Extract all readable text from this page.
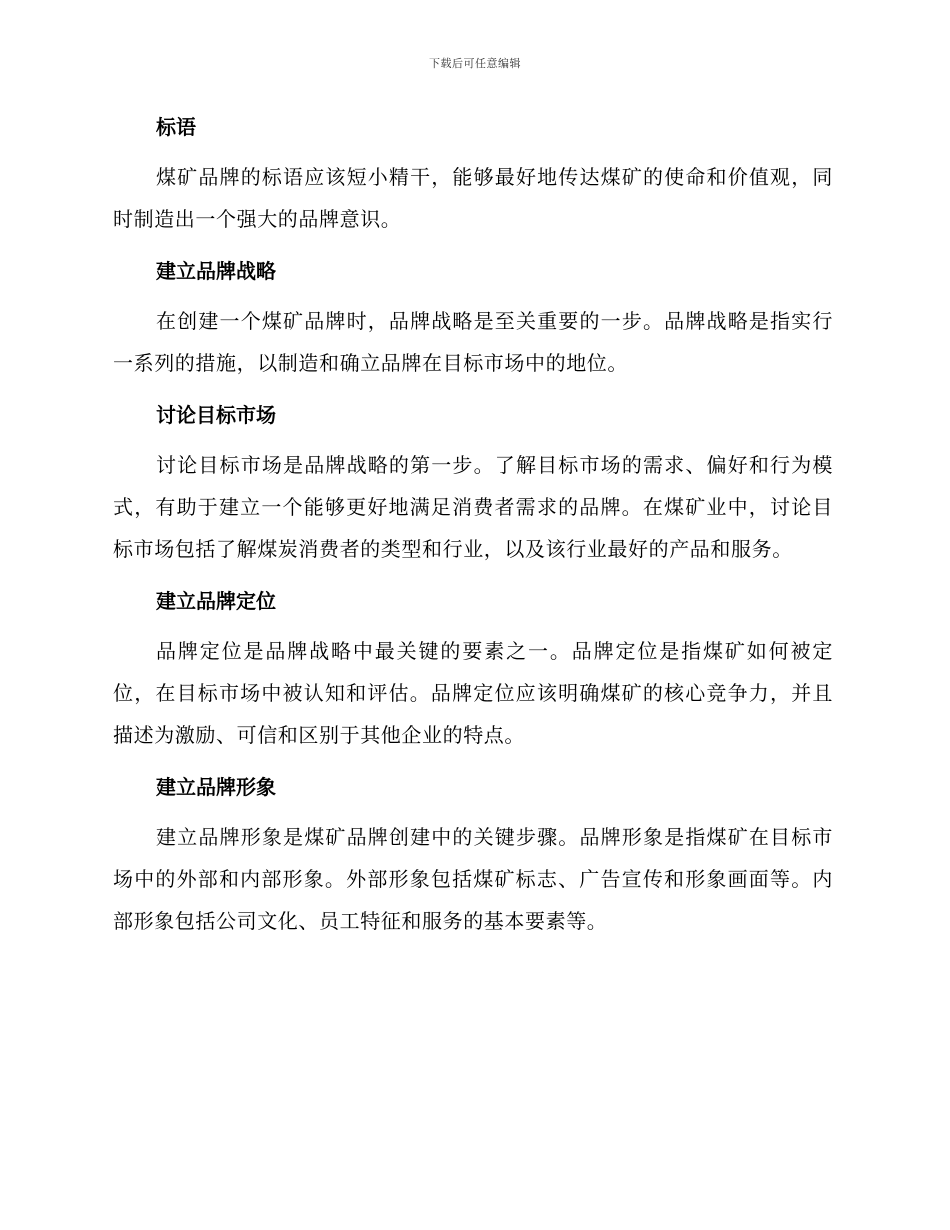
下载后可任意编辑
标语

煤矿品牌的标语应该短小精干，能够最好地传达煤矿的使命和价值观，同时制造出一个强大的品牌意识。

建立品牌战略

在创建一个煤矿品牌时，品牌战略是至关重要的一步。品牌战略是指实行一系列的措施，以制造和确立品牌在目标市场中的地位。

讨论目标市场

讨论目标市场是品牌战略的第一步。了解目标市场的需求、偏好和行为模式，有助于建立一个能够更好地满足消费者需求的品牌。在煤矿业中，讨论目标市场包括了解煤炭消费者的类型和行业，以及该行业最好的产品和服务。

建立品牌定位

品牌定位是品牌战略中最关键的要素之一。品牌定位是指煤矿如何被定位，在目标市场中被认知和评估。品牌定位应该明确煤矿的核心竞争力，并且描述为激励、可信和区别于其他企业的特点。

建立品牌形象

建立品牌形象是煤矿品牌创建中的关键步骤。品牌形象是指煤矿在目标市场中的外部和内部形象。外部形象包括煤矿标志、广告宣传和形象画面等。内部形象包括公司文化、员工特征和服务的基本要素等。
